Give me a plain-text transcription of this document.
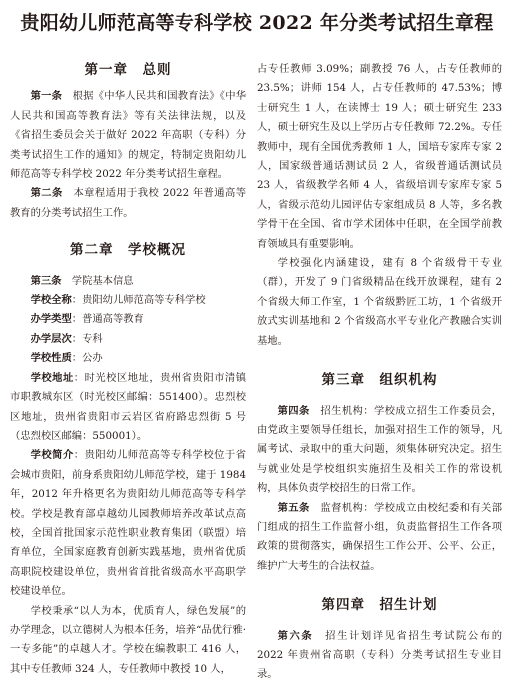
贵阳幼儿师范高等专科学校 2022 年分类考试招生章程
第一章　总则

第一条　根据《中华人民共和国教育法》《中华人民共和国高等教育法》等有关法律法规，以及《省招生委员会关于做好 2022 年高职（专科）分类考试招生工作的通知》的规定，特制定贵阳幼儿师范高等专科学校 2022 年分类考试招生章程。

第二条　本章程适用于我校 2022 年普通高等教育的分类考试招生工作。

第二章　学校概况

第三条　学院基本信息

学校全称：贵阳幼儿师范高等专科学校

办学类型：普通高等教育

办学层次：专科

学校性质：公办

学校地址：时光校区地址，贵州省贵阳市清镇市职教城东区（时光校区邮编：551400）。忠烈校区地址，贵州省贵阳市云岩区省府路忠烈街 5 号（忠烈校区邮编：550001）。

学校简介：贵阳幼儿师范高等专科学校位于省会城市贵阳，前身系贵阳幼儿师范学校，建于 1984 年，2012 年升格更名为贵阳幼儿师范高等专科学校。学校是教育部卓越幼儿园教师培养改革试点高校，全国首批国家示范性职业教育集团（联盟）培育单位，全国家庭教育创新实践基地，贵州省优质高职院校建设单位，贵州省首批省级高水平高职学校建设单位。

学校秉承“以人为本，优质育人，绿色发展”的办学理念，以立德树人为根本任务，培养“品优行雅·一专多能”的卓越人才。学校在编教职工 416 人，其中专任教师 324 人，专任教师中教授 10 人，

占专任教师 3.09%；副教授 76 人，占专任教师的 23.5%；讲师 154 人，占专任教师的 47.53%；博士研究生 1 人，在读博士 19 人；硕士研究生 233 人，硕士研究生及以上学历占专任教师 72.2%。专任教师中，现有全国优秀教师 1 人，国培专家库专家 2 人，国家级普通话测试员 2 人，省级普通话测试员 23 人，省级教学名师 4 人，省级培训专家库专家 5 人，省级示范幼儿园评估专家组成员 8 人等，多名教学骨干在全国、省市学术团体中任职，在全国学前教育领域具有重要影响。

学校强化内涵建设，建有 8 个省级骨干专业（群），开发了 9 门省级精品在线开放课程，建有 2 个省级大师工作室，1 个省级黔匠工坊，1 个省级开放式实训基地和 2 个省级高水平专业化产教融合实训基地。

第三章　组织机构

第四条　招生机构：学校成立招生工作委员会，由党政主要领导任组长，加强对招生工作的领导，凡属考试、录取中的重大问题，须集体研究决定。招生与就业处是学校组织实施招生及相关工作的常设机构，具体负责学校招生的日常工作。

第五条　监督机构：学校成立由校纪委和有关部门组成的招生工作监督小组，负责监督招生工作各项政策的贯彻落实，确保招生工作公开、公平、公正，维护广大考生的合法权益。

第四章　招生计划

第六条　招生计划详见省招生考试院公布的 2022 年贵州省高职（专科）分类考试招生专业目录。
